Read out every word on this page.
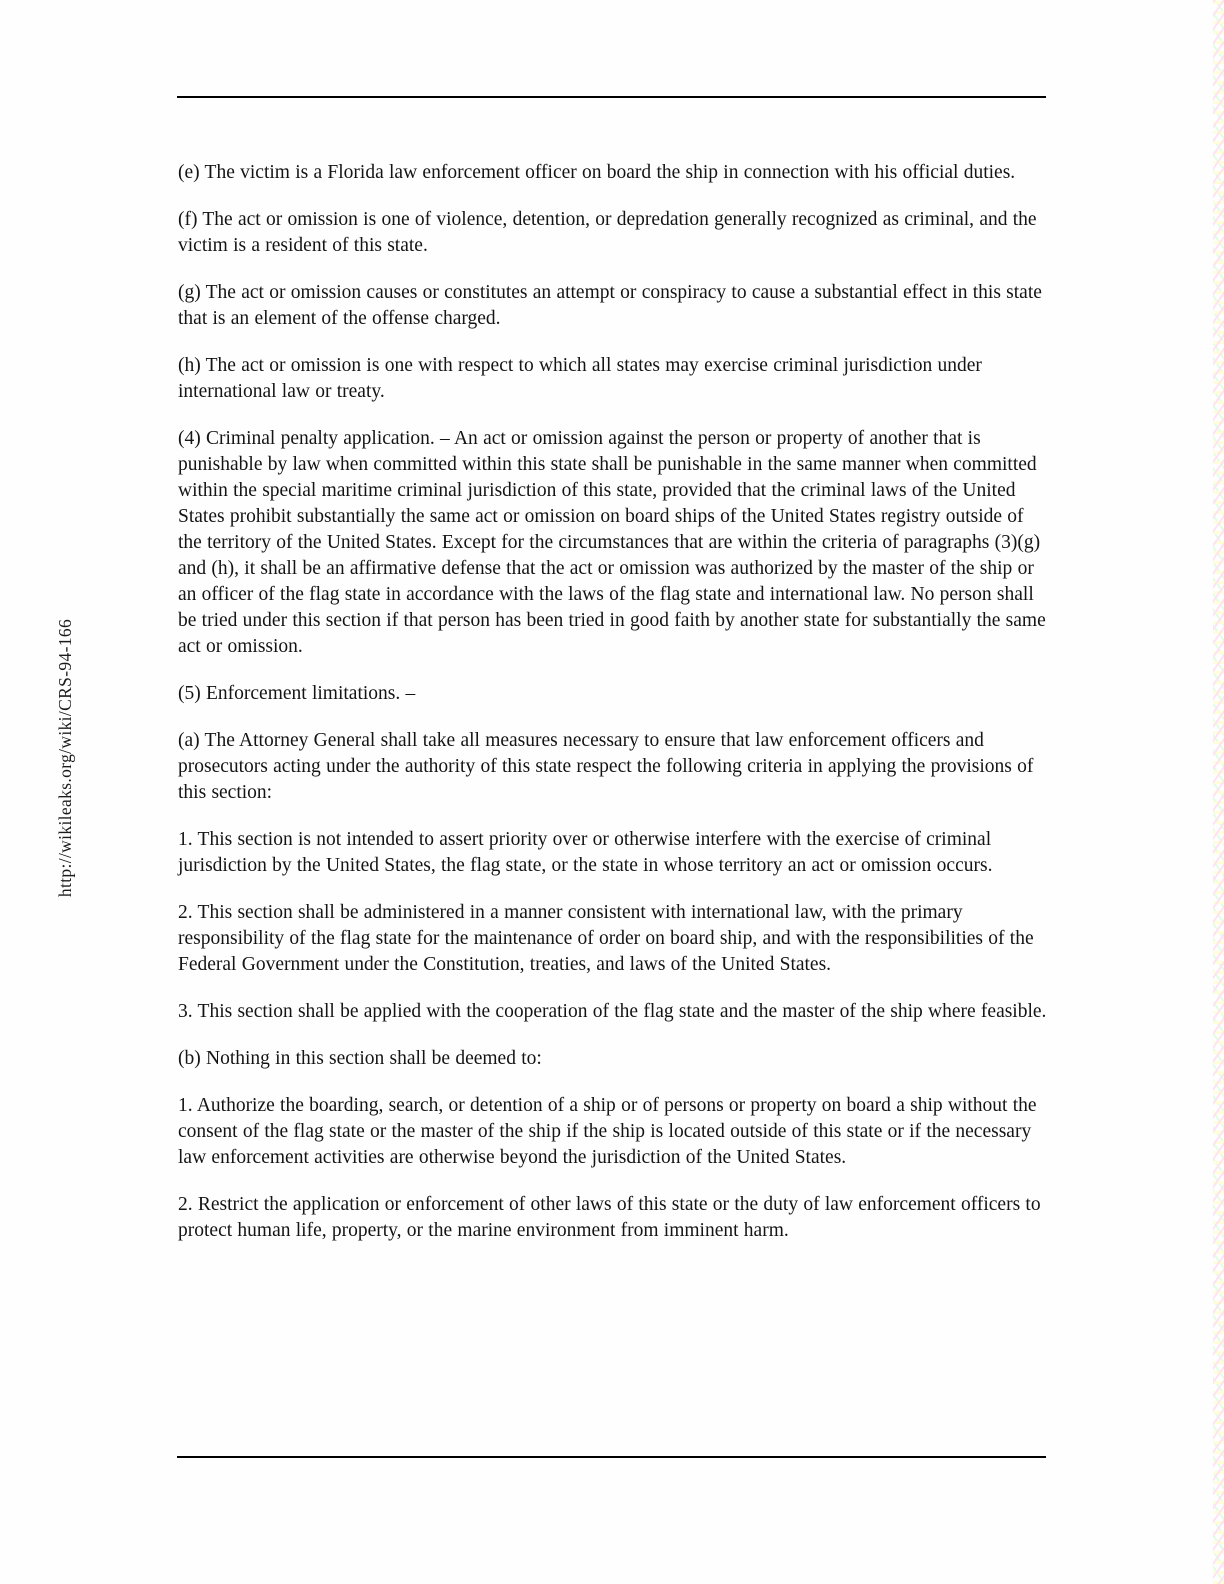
http://wikileaks.org/wiki/CRS-94-166

(e) The victim is a Florida law enforcement officer on board the ship in connection with his official duties.

(f) The act or omission is one of violence, detention, or depredation generally recognized as criminal, and the victim is a resident of this state.

(g) The act or omission causes or constitutes an attempt or conspiracy to cause a substantial effect in this state that is an element of the offense charged.

(h) The act or omission is one with respect to which all states may exercise criminal jurisdiction under international law or treaty.

(4) Criminal penalty application. – An act or omission against the person or property of another that is punishable by law when committed within this state shall be punishable in the same manner when committed within the special maritime criminal jurisdiction of this state, provided that the criminal laws of the United States prohibit substantially the same act or omission on board ships of the United States registry outside of the territory of the United States. Except for the circumstances that are within the criteria of paragraphs (3)(g) and (h), it shall be an affirmative defense that the act or omission was authorized by the master of the ship or an officer of the flag state in accordance with the laws of the flag state and international law. No person shall be tried under this section if that person has been tried in good faith by another state for substantially the same act or omission.

(5) Enforcement limitations. –

(a) The Attorney General shall take all measures necessary to ensure that law enforcement officers and prosecutors acting under the authority of this state respect the following criteria in applying the provisions of this section:

1. This section is not intended to assert priority over or otherwise interfere with the exercise of criminal jurisdiction by the United States, the flag state, or the state in whose territory an act or omission occurs.

2. This section shall be administered in a manner consistent with international law, with the primary responsibility of the flag state for the maintenance of order on board ship, and with the responsibilities of the Federal Government under the Constitution, treaties, and laws of the United States.

3. This section shall be applied with the cooperation of the flag state and the master of the ship where feasible.

(b) Nothing in this section shall be deemed to:

1. Authorize the boarding, search, or detention of a ship or of persons or property on board a ship without the consent of the flag state or the master of the ship if the ship is located outside of this state or if the necessary law enforcement activities are otherwise beyond the jurisdiction of the United States.

2. Restrict the application or enforcement of other laws of this state or the duty of law enforcement officers to protect human life, property, or the marine environment from imminent harm.
